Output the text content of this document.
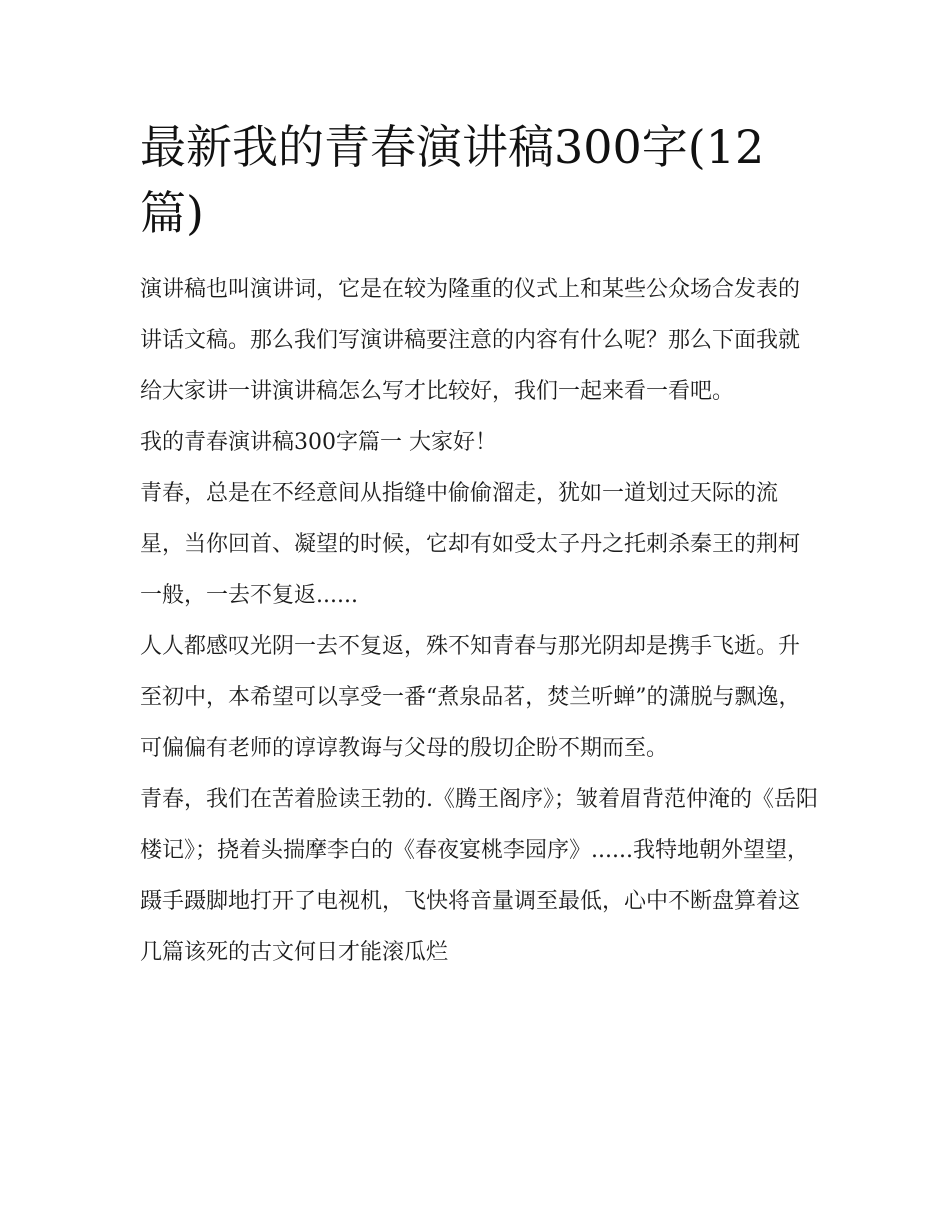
最新我的青春演讲稿300字(12篇)

演讲稿也叫演讲词，它是在较为隆重的仪式上和某些公众场合发表的讲话文稿。那么我们写演讲稿要注意的内容有什么呢？那么下面我就给大家讲一讲演讲稿怎么写才比较好，我们一起来看一看吧。

我的青春演讲稿300字篇一 大家好！

青春，总是在不经意间从指缝中偷偷溜走，犹如一道划过天际的流星，当你回首、凝望的时候，它却有如受太子丹之托刺杀秦王的荆柯一般，一去不复返......

人人都感叹光阴一去不复返，殊不知青春与那光阴却是携手飞逝。升至初中，本希望可以享受一番“煮泉品茗，焚兰听蝉”的潇脱与飘逸，可偏偏有老师的谆谆教诲与父母的殷切企盼不期而至。

青春，我们在苦着脸读王勃的.《腾王阁序》；皱着眉背范仲淹的《岳阳楼记》；挠着头揣摩李白的《春夜宴桃李园序》......我特地朝外望望，蹑手蹑脚地打开了电视机，飞快将音量调至最低，心中不断盘算着这几篇该死的古文何日才能滚瓜烂
